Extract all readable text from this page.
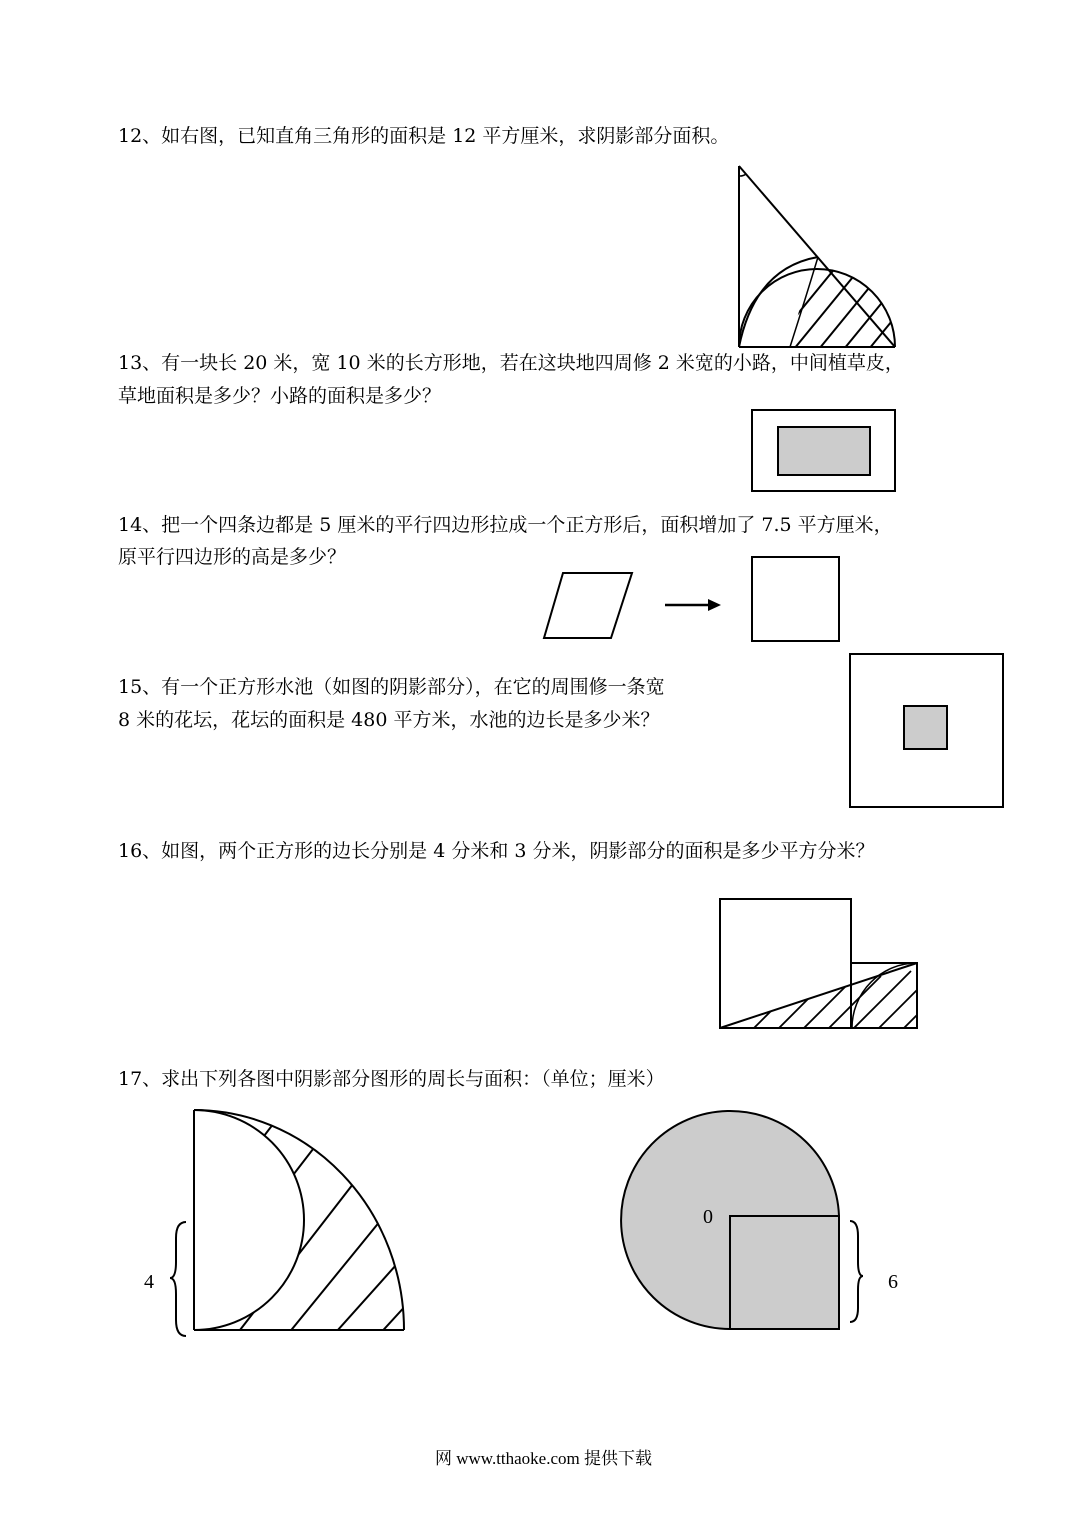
12、如右图，已知直角三角形的面积是 12 平方厘米，求阴影部分面积。

13、有一块长 20 米，宽 10 米的长方形地，若在这块地四周修 2 米宽的小路，中间植草皮，

草地面积是多少？小路的面积是多少？

14、把一个四条边都是 5 厘米的平行四边形拉成一个正方形后，面积增加了 7.5 平方厘米，

原平行四边形的高是多少？

15、有一个正方形水池（如图的阴影部分），在它的周围修一条宽

8 米的花坛，花坛的面积是 480 平方米，水池的边长是多少米？

16、如图，两个正方形的边长分别是 4 分米和 3 分米，阴影部分的面积是多少平方分米？

17、求出下列各图中阴影部分图形的周长与面积：（单位；厘米）

4
0
6
网 www.tthaoke.com 提供下载
